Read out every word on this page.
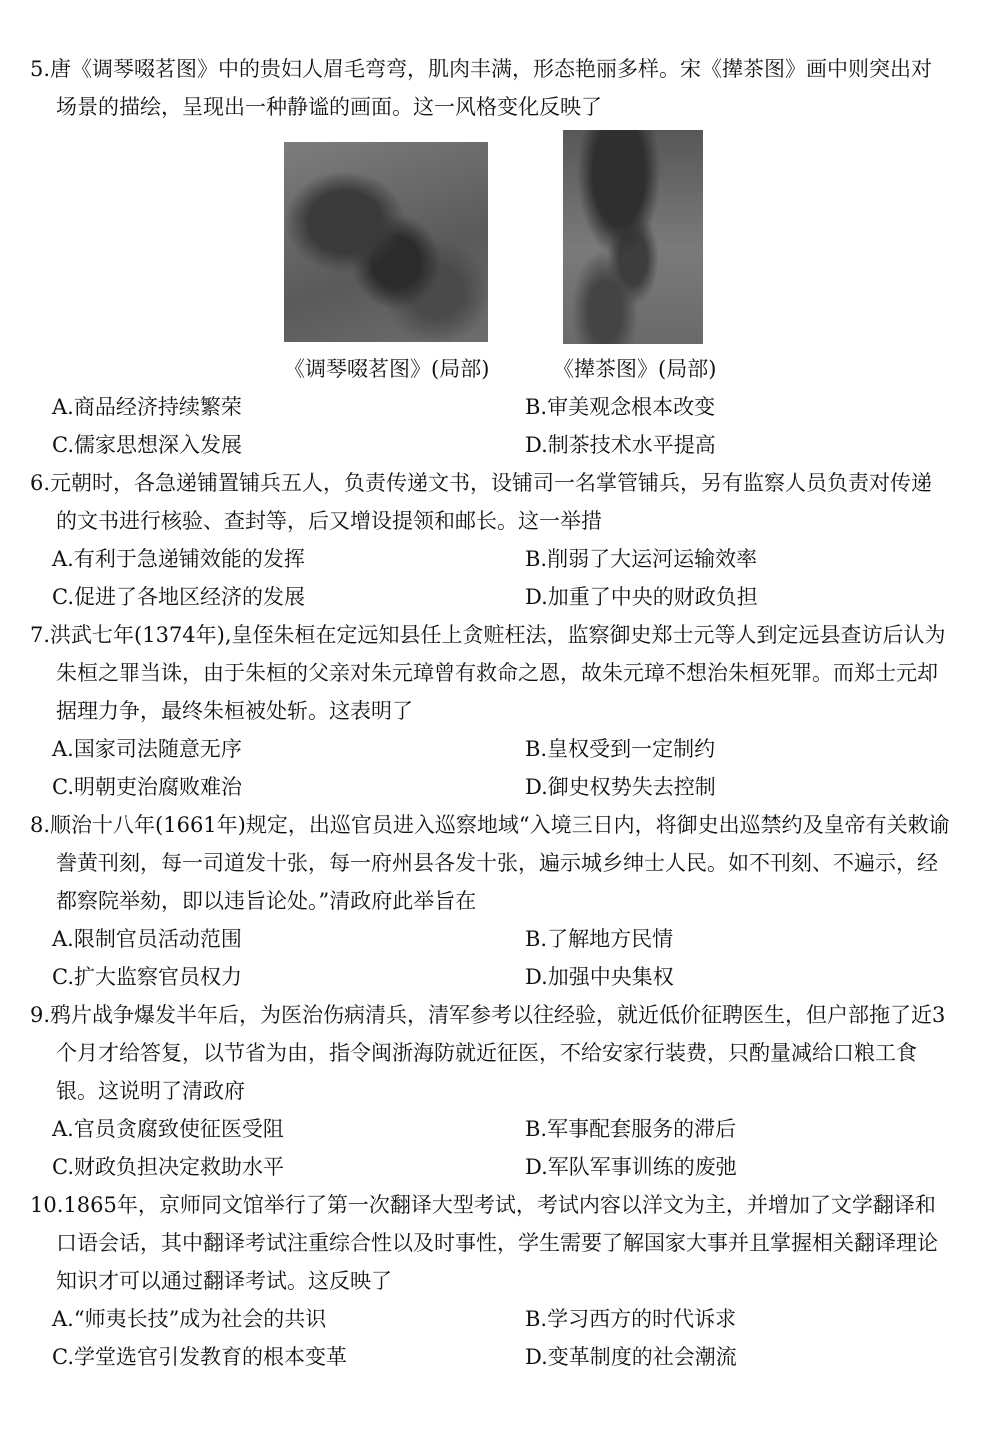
5.唐《调琴啜茗图》中的贵妇人眉毛弯弯，肌肉丰满，形态艳丽多样。宋《撵茶图》画中则突出对场景的描绘，呈现出一种静谧的画面。这一风格变化反映了

《调琴啜茗图》(局部)	《撵茶图》(局部)
A.商品经济持续繁荣	B.审美观念根本改变
C.儒家思想深入发展	D.制茶技术水平提高

6.元朝时，各急递铺置铺兵五人，负责传递文书，设铺司一名掌管铺兵，另有监察人员负责对传递的文书进行核验、查封等，后又增设提领和邮长。这一举措

A.有利于急递铺效能的发挥	B.削弱了大运河运输效率
C.促进了各地区经济的发展	D.加重了中央的财政负担

7.洪武七年(1374年),皇侄朱桓在定远知县任上贪赃枉法，监察御史郑士元等人到定远县查访后认为朱桓之罪当诛，由于朱桓的父亲对朱元璋曾有救命之恩，故朱元璋不想治朱桓死罪。而郑士元却据理力争，最终朱桓被处斩。这表明了

A.国家司法随意无序	B.皇权受到一定制约
C.明朝吏治腐败难治	D.御史权势失去控制

8.顺治十八年(1661年)规定，出巡官员进入巡察地域“入境三日内，将御史出巡禁约及皇帝有关敕谕誊黄刊刻，每一司道发十张，每一府州县各发十张，遍示城乡绅士人民。如不刊刻、不遍示，经都察院举劾，即以违旨论处。”清政府此举旨在

A.限制官员活动范围	B.了解地方民情
C.扩大监察官员权力	D.加强中央集权

9.鸦片战争爆发半年后，为医治伤病清兵，清军参考以往经验，就近低价征聘医生，但户部拖了近3个月才给答复，以节省为由，指令闽浙海防就近征医，不给安家行装费，只酌量减给口粮工食银。这说明了清政府

A.官员贪腐致使征医受阻	B.军事配套服务的滞后
C.财政负担决定救助水平	D.军队军事训练的废弛

10.1865年，京师同文馆举行了第一次翻译大型考试，考试内容以洋文为主，并增加了文学翻译和口语会话，其中翻译考试注重综合性以及时事性，学生需要了解国家大事并且掌握相关翻译理论知识才可以通过翻译考试。这反映了

A.“师夷长技”成为社会的共识	B.学习西方的时代诉求
C.学堂选官引发教育的根本变革	D.变革制度的社会潮流
